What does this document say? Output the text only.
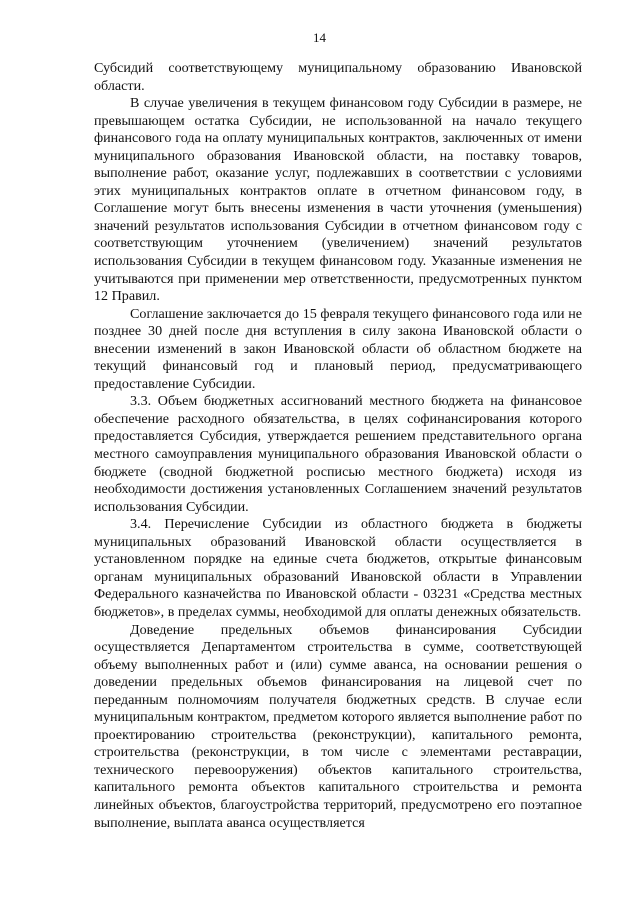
14

Субсидий соответствующему муниципальному образованию Ивановской области.

В случае увеличения в текущем финансовом году Субсидии в размере, не превышающем остатка Субсидии, не использованной на начало текущего финансового года на оплату муниципальных контрактов, заключенных от имени муниципального образования Ивановской области, на поставку товаров, выполнение работ, оказание услуг, подлежавших в соответствии с условиями этих муниципальных контрактов оплате в отчетном финансовом году, в Соглашение могут быть внесены изменения в части уточнения (уменьшения) значений результатов использования Субсидии в отчетном финансовом году с соответствующим уточнением (увеличением) значений результатов использования Субсидии в текущем финансовом году. Указанные изменения не учитываются при применении мер ответственности, предусмотренных пунктом 12 Правил.

Соглашение заключается до 15 февраля текущего финансового года или не позднее 30 дней после дня вступления в силу закона Ивановской области о внесении изменений в закон Ивановской области об областном бюджете на текущий финансовый год и плановый период, предусматривающего предоставление Субсидии.

3.3. Объем бюджетных ассигнований местного бюджета на финансовое обеспечение расходного обязательства, в целях софинансирования которого предоставляется Субсидия, утверждается решением представительного органа местного самоуправления муниципального образования Ивановской области о бюджете (сводной бюджетной росписью местного бюджета) исходя из необходимости достижения установленных Соглашением значений результатов использования Субсидии.

3.4. Перечисление Субсидии из областного бюджета в бюджеты муниципальных образований Ивановской области осуществляется в установленном порядке на единые счета бюджетов, открытые финансовым органам муниципальных образований Ивановской области в Управлении Федерального казначейства по Ивановской области - 03231 «Средства местных бюджетов», в пределах суммы, необходимой для оплаты денежных обязательств.

Доведение предельных объемов финансирования Субсидии осуществляется Департаментом строительства в сумме, соответствующей объему выполненных работ и (или) сумме аванса, на основании решения о доведении предельных объемов финансирования на лицевой счет по переданным полномочиям получателя бюджетных средств. В случае если муниципальным контрактом, предметом которого является выполнение работ по проектированию строительства (реконструкции), капитального ремонта, строительства (реконструкции, в том числе с элементами реставрации, технического перевооружения) объектов капитального строительства, капитального ремонта объектов капитального строительства и ремонта линейных объектов, благоустройства территорий, предусмотрено его поэтапное выполнение, выплата аванса осуществляется
